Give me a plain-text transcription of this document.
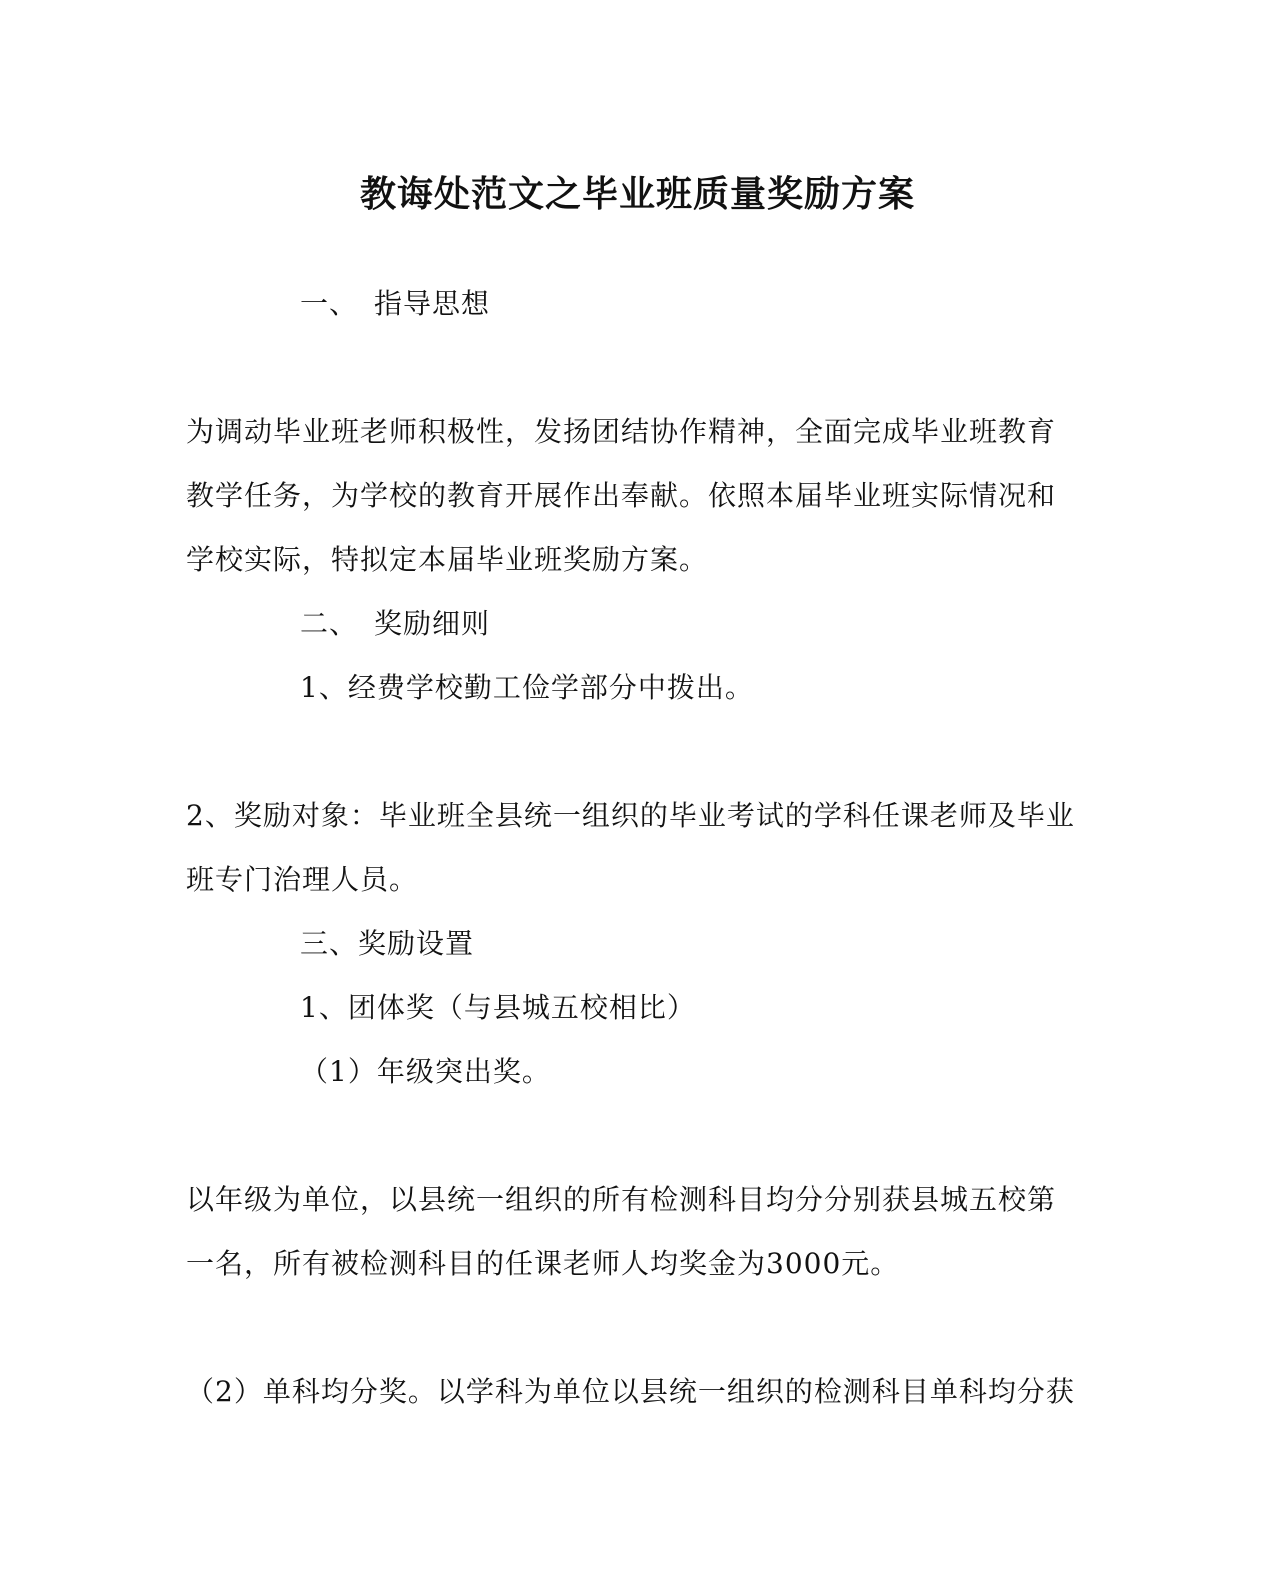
教诲处范文之毕业班质量奖励方案
一、 指导思想
为调动毕业班老师积极性，发扬团结协作精神，全面完成毕业班教育
教学任务，为学校的教育开展作出奉献。依照本届毕业班实际情况和
学校实际，特拟定本届毕业班奖励方案。
二、 奖励细则
1、经费学校勤工俭学部分中拨出。
2、奖励对象：毕业班全县统一组织的毕业考试的学科任课老师及毕业
班专门治理人员。
三、奖励设置
1、团体奖（与县城五校相比）
（1）年级突出奖。
以年级为单位，以县统一组织的所有检测科目均分分别获县城五校第
一名，所有被检测科目的任课老师人均奖金为3000元。
（2）单科均分奖。以学科为单位以县统一组织的检测科目单科均分获
